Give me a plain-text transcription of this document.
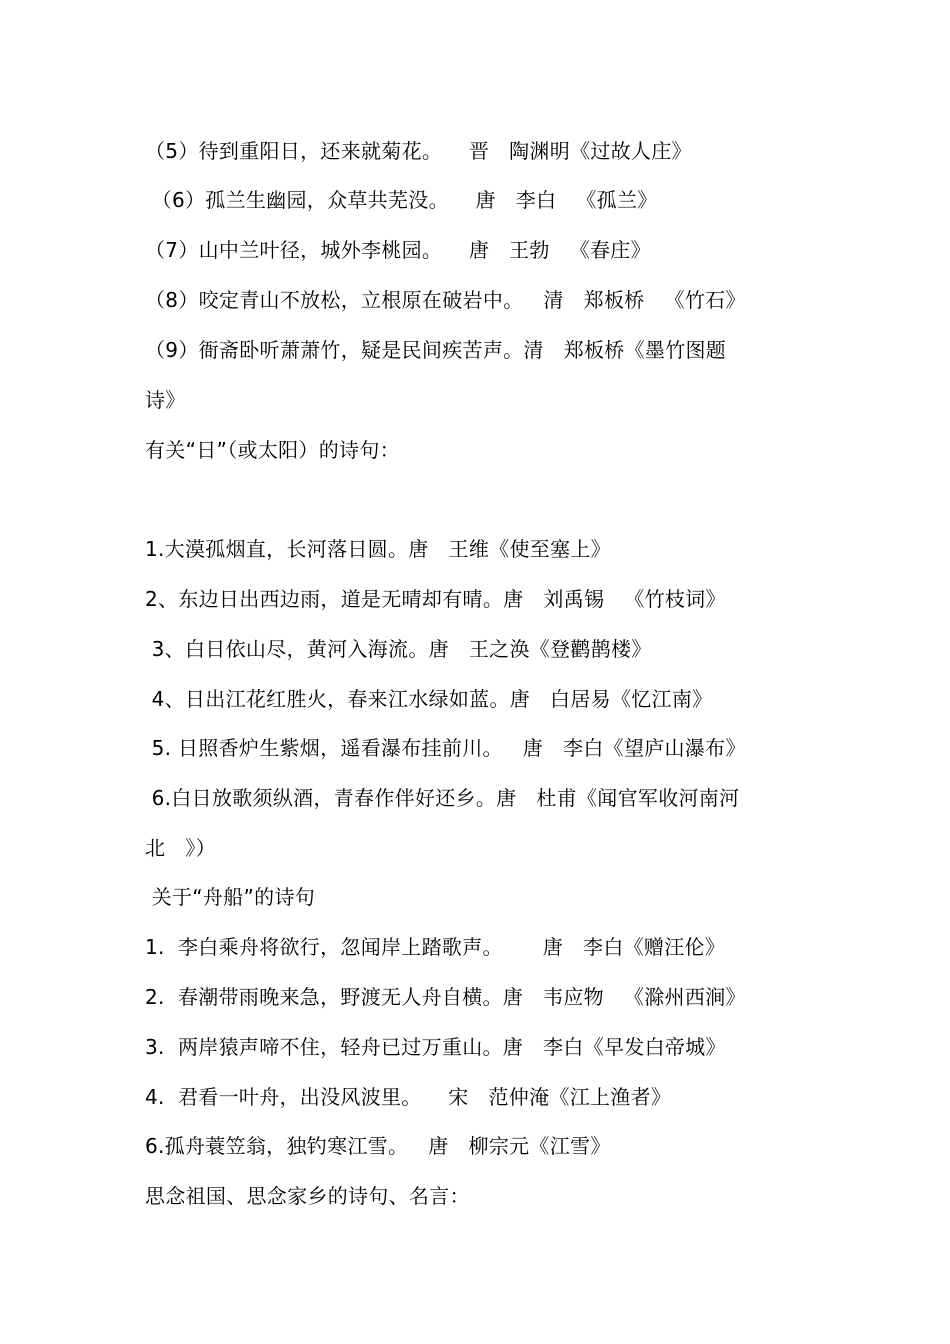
（5）待到重阳日，还来就菊花。    晋   陶渊明《过故人庄》
（6）孤兰生幽园，众草共芜没。    唐   李白   《孤兰》
（7）山中兰叶径，城外李桃园。    唐   王勃   《春庄》
（8）咬定青山不放松，立根原在破岩中。   清   郑板桥   《竹石》
（9）衙斋卧听萧萧竹，疑是民间疾苦声。清   郑板桥《墨竹图题
诗》
有关“日”（或太阳）的诗句：
1.大漠孤烟直，长河落日圆。唐   王维《使至塞上》
2、东边日出西边雨，道是无晴却有晴。唐   刘禹锡   《竹枝词》
3、白日依山尽，黄河入海流。唐   王之涣《登鹳鹊楼》
4、日出江花红胜火，春来江水绿如蓝。唐   白居易《忆江南》
5. 日照香炉生紫烟，遥看瀑布挂前川。   唐   李白《望庐山瀑布》
6.白日放歌须纵酒，青春作伴好还乡。唐   杜甫《闻官军收河南河
北   》）
关于“舟船”的诗句
1.  李白乘舟将欲行，忽闻岸上踏歌声。      唐   李白《赠汪伦》
2.  春潮带雨晚来急，野渡无人舟自横。唐   韦应物   《滁州西涧》
3.  两岸猿声啼不住，轻舟已过万重山。唐   李白《早发白帝城》
4.  君看一叶舟，出没风波里。    宋   范仲淹《江上渔者》
6.孤舟蓑笠翁，独钓寒江雪。   唐   柳宗元《江雪》
思念祖国、思念家乡的诗句、名言：
